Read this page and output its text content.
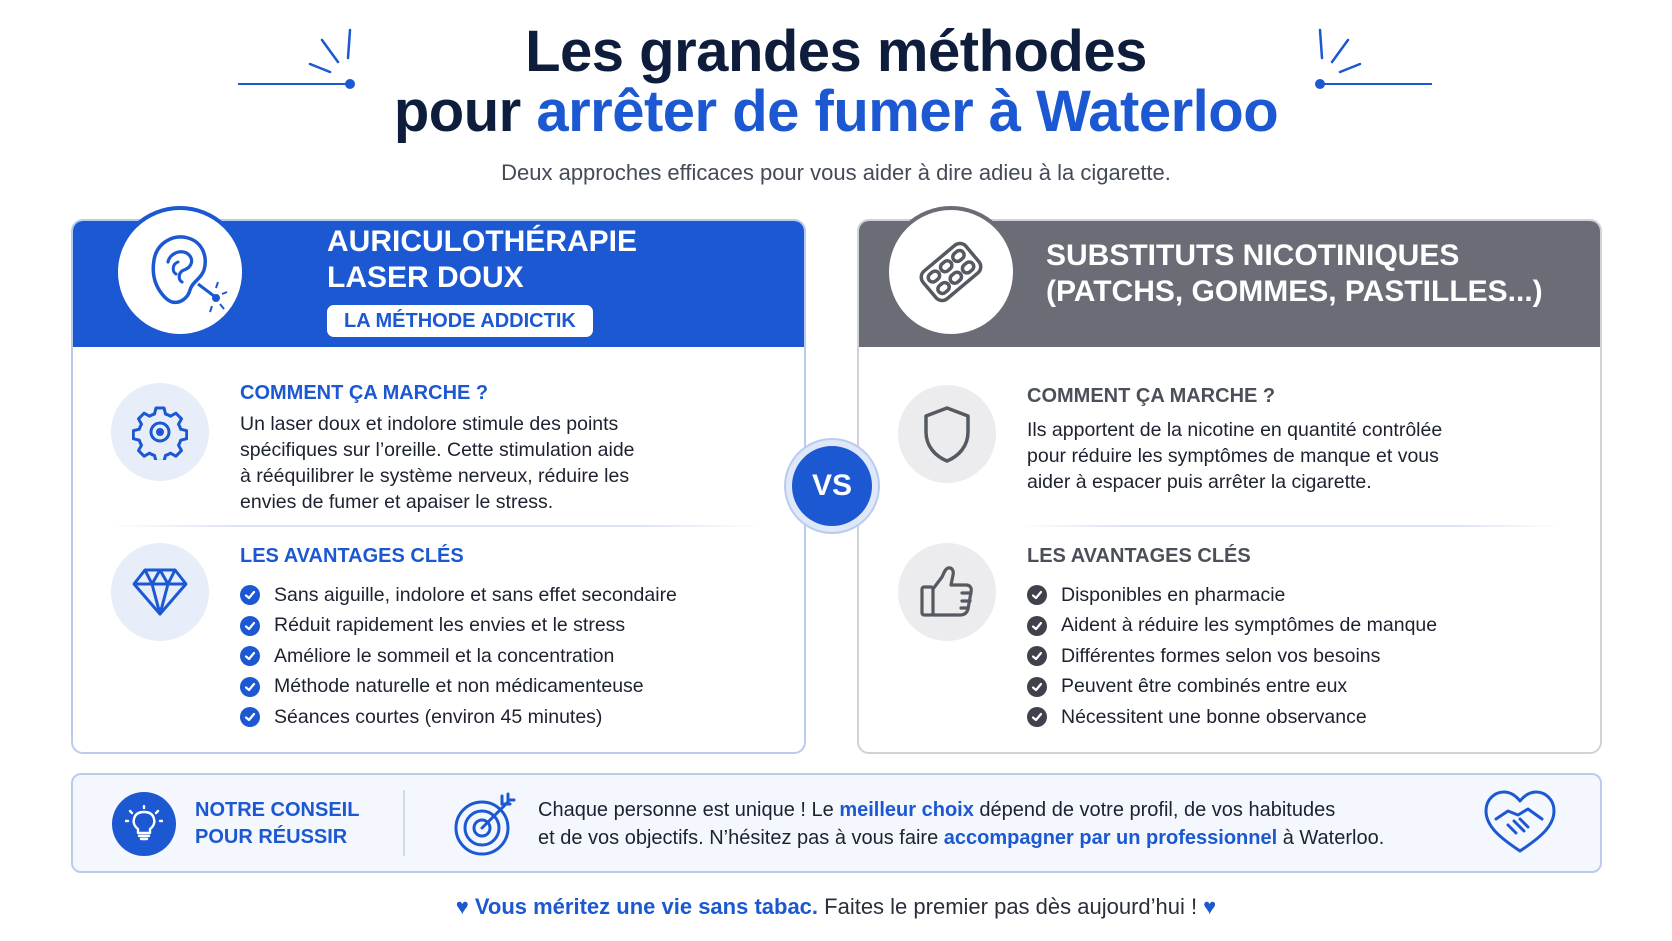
Les grandes méthodes
pour arrêter de fumer à Waterloo
Deux approches efficaces pour vous aider à dire adieu à la cigarette.
AURICULOTHÉRAPIE
LASER DOUX
LA MÉTHODE ADDICTIK
COMMENT ÇA MARCHE ?
Un laser doux et indolore stimule des points
spécifiques sur l’oreille. Cette stimulation aide
à rééquilibrer le système nerveux, réduire les
envies de fumer et apaiser le stress.
LES AVANTAGES CLÉS
Sans aiguille, indolore et sans effet secondaire
Réduit rapidement les envies et le stress
Améliore le sommeil et la concentration
Méthode naturelle et non médicamenteuse
Séances courtes (environ 45 minutes)
SUBSTITUTS NICOTINIQUES
(PATCHS, GOMMES, PASTILLES...)
COMMENT ÇA MARCHE ?
Ils apportent de la nicotine en quantité contrôlée
pour réduire les symptômes de manque et vous
aider à espacer puis arrêter la cigarette.
LES AVANTAGES CLÉS
Disponibles en pharmacie
Aident à réduire les symptômes de manque
Différentes formes selon vos besoins
Peuvent être combinés entre eux
Nécessitent une bonne observance
VS
NOTRE CONSEIL
POUR RÉUSSIR
Chaque personne est unique ! Le meilleur choix dépend de votre profil, de vos habitudes
et de vos objectifs. N’hésitez pas à vous faire accompagner par un professionnel à Waterloo.
♥ Vous méritez une vie sans tabac. Faites le premier pas dès aujourd’hui ! ♥
